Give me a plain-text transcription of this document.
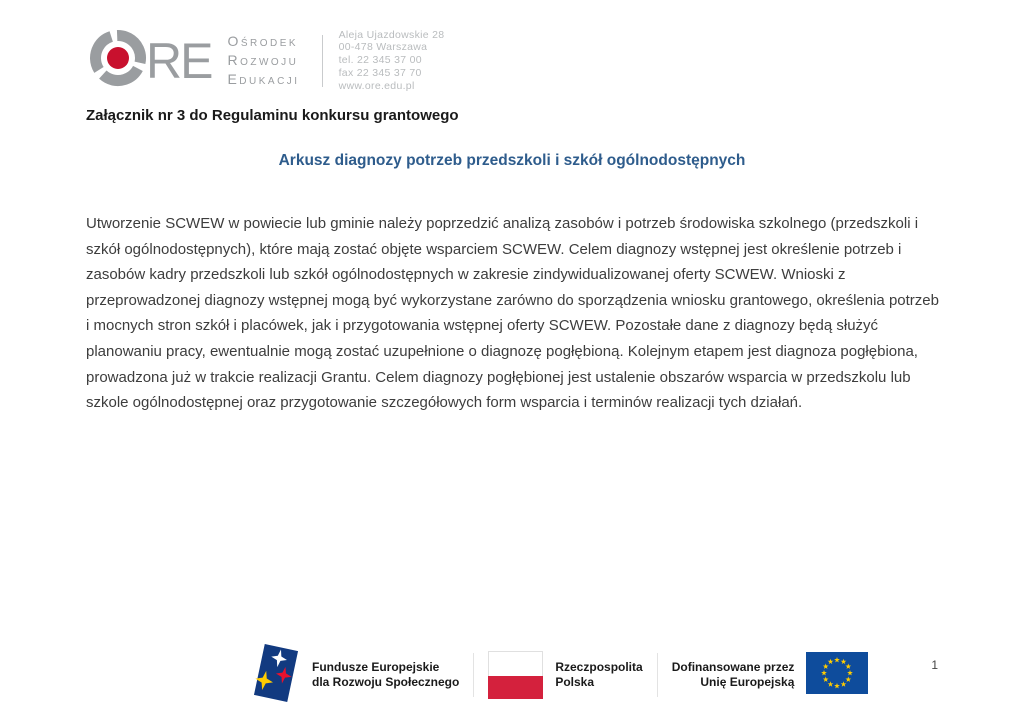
RE Ośrodek
Rozwoju
Edukacji
Aleja Ujazdowskie 28
00-478 Warszawa
tel. 22 345 37 00
fax 22 345 37 70
www.ore.edu.pl
Załącznik nr 3 do Regulaminu konkursu grantowego
Arkusz diagnozy potrzeb przedszkoli i szkół ogólnodostępnych

Utworzenie SCWEW w powiecie lub gminie należy poprzedzić analizą zasobów i potrzeb środowiska szkolnego (przedszkoli i szkół ogólnodostępnych), które mają zostać objęte wsparciem SCWEW. Celem diagnozy wstępnej jest określenie potrzeb i zasobów kadry przedszkoli lub szkół ogólnodostępnych w zakresie zindywidualizowanej oferty SCWEW. Wnioski z przeprowadzonej diagnozy wstępnej mogą być wykorzystane zarówno do sporządzenia wniosku grantowego, określenia potrzeb i mocnych stron szkół i placówek, jak i przygotowania wstępnej oferty SCWEW. Pozostałe dane z diagnozy będą służyć planowaniu pracy, ewentualnie mogą zostać uzupełnione o diagnozę pogłębioną. Kolejnym etapem jest diagnoza pogłębiona, prowadzona już w trakcie realizacji Grantu. Celem diagnozy pogłębionej jest ustalenie obszarów wsparcia w przedszkolu lub szkole ogólnodostępnej oraz przygotowanie szczegółowych form wsparcia i terminów realizacji tych działań.

Fundusze Europejskie
dla Rozwoju Społecznego
Rzeczpospolita
Polska
Dofinansowane przez
Unię Europejską
1
